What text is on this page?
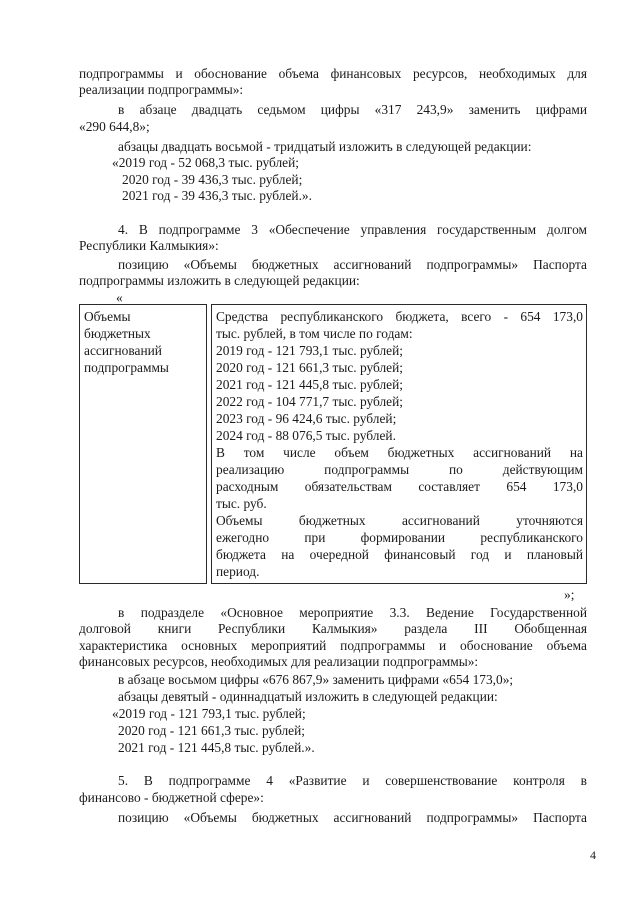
подпрограммы и обоснование объема финансовых ресурсов, необходимых для

реализации подпрограммы»:

в абзаце двадцать седьмом цифры «317 243,9» заменить цифрами

«290 644,8»;

абзацы двадцать восьмой - тридцатый изложить в следующей редакции:

«2019 год - 52 068,3 тыс. рублей;

2020 год - 39 436,3 тыс. рублей;

2021 год - 39 436,3 тыс. рублей.».

4. В подпрограмме 3 «Обеспечение управления государственным долгом

Республики Калмыкия»:

позицию «Объемы бюджетных ассигнований подпрограммы» Паспорта

подпрограммы изложить в следующей редакции:

«

Объемы
бюджетных
ассигнований
подпрограммы
Средства республиканского бюджета, всего - 654 173,0
тыс. рублей, в том числе по годам:
2019 год - 121 793,1 тыс. рублей;
2020 год - 121 661,3 тыс. рублей;
2021 год - 121 445,8 тыс. рублей;
2022 год - 104 771,7 тыс. рублей;
2023 год - 96 424,6 тыс. рублей;
2024 год - 88 076,5 тыс. рублей.
В том числе объем бюджетных ассигнований на
реализацию подпрограммы по действующим
расходным обязательствам составляет 654 173,0
тыс. руб.
Объемы бюджетных ассигнований уточняются
ежегодно при формировании республиканского
бюджета на очередной финансовый год и плановый
период.

»;

в подразделе «Основное мероприятие 3.3. Ведение Государственной

долговой книги Республики Калмыкия» раздела III Обобщенная

характеристика основных мероприятий подпрограммы и обоснование объема

финансовых ресурсов, необходимых для реализации подпрограммы»:

в абзаце восьмом цифры «676 867,9» заменить цифрами «654 173,0»;

абзацы девятый - одиннадцатый изложить в следующей редакции:

«2019 год - 121 793,1 тыс. рублей;

2020 год - 121 661,3 тыс. рублей;

2021 год - 121 445,8 тыс. рублей.».

5. В подпрограмме 4 «Развитие и совершенствование контроля в

финансово - бюджетной сфере»:

позицию «Объемы бюджетных ассигнований подпрограммы» Паспорта

4
